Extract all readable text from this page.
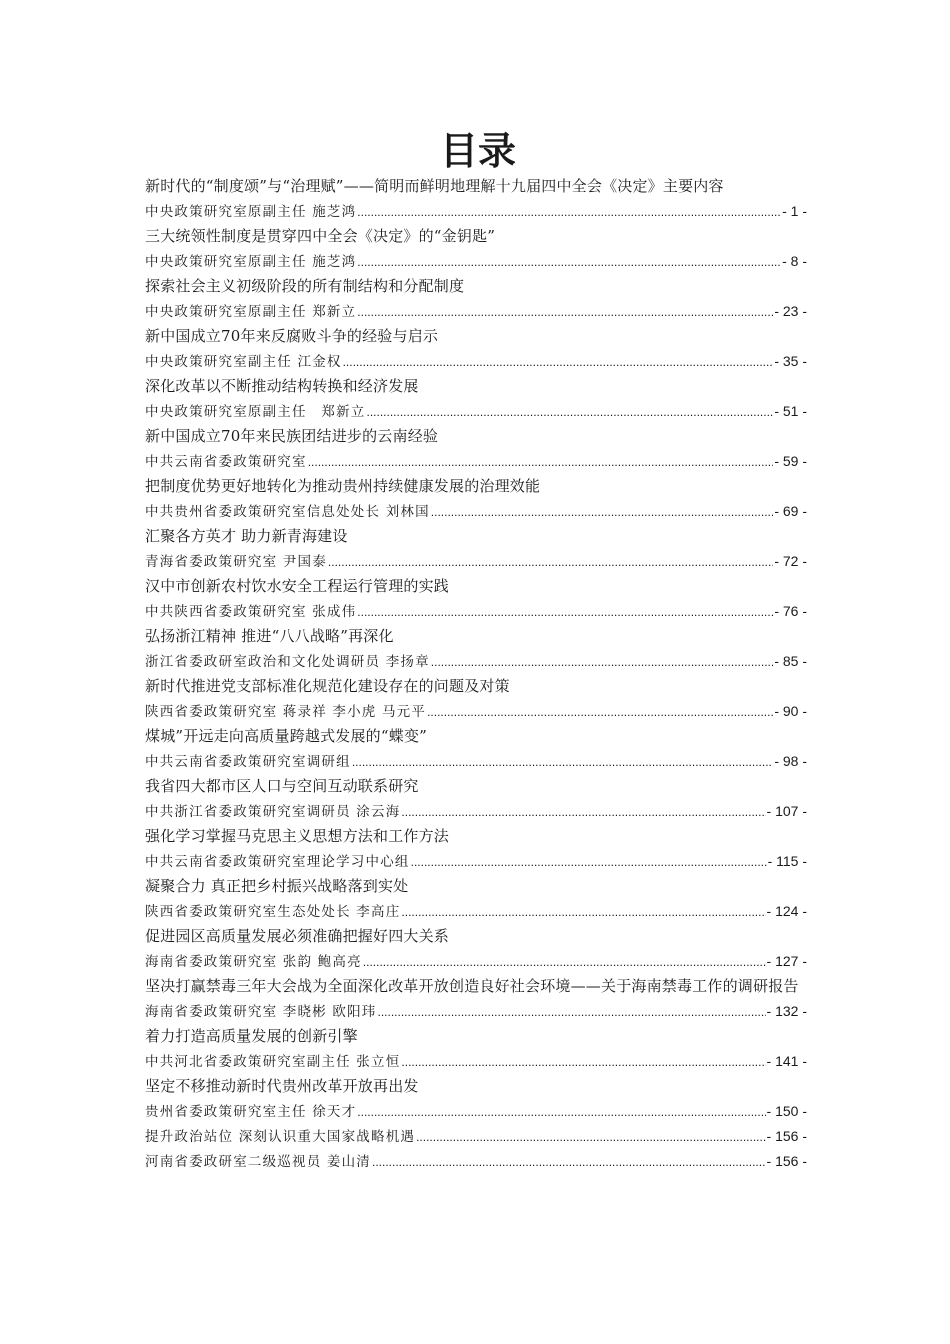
目录
新时代的“制度颂”与“治理赋”——简明而鲜明地理解十九届四中全会《决定》主要内容
中央政策研究室原副主任 施芝鸿 .....	- 1 -
三大统领性制度是贯穿四中全会《决定》的“金钥匙”
中央政策研究室原副主任 施芝鸿 .....	- 8 -
探索社会主义初级阶段的所有制结构和分配制度
中央政策研究室原副主任 郑新立 .....	- 23 -
新中国成立70年来反腐败斗争的经验与启示
中央政策研究室副主任 江金权 .....	- 35 -
深化改革以不断推动结构转换和经济发展
中央政策研究室原副主任　郑新立 .....	- 51 -
新中国成立70年来民族团结进步的云南经验
中共云南省委政策研究室 .....	- 59 -
把制度优势更好地转化为推动贵州持续健康发展的治理效能
中共贵州省委政策研究室信息处处长 刘林国 .....	- 69 -
汇聚各方英才 助力新青海建设
青海省委政策研究室 尹国泰 .....	- 72 -
汉中市创新农村饮水安全工程运行管理的实践
中共陕西省委政策研究室 张成伟 .....	- 76 -
弘扬浙江精神 推进“八八战略”再深化
浙江省委政研室政治和文化处调研员 李扬章 .....	- 85 -
新时代推进党支部标准化规范化建设存在的问题及对策
陕西省委政策研究室 蒋录祥 李小虎 马元平 .....	- 90 -
煤城”开远走向高质量跨越式发展的“蝶变”
中共云南省委政策研究室调研组 .....	- 98 -
我省四大都市区人口与空间互动联系研究
中共浙江省委政策研究室调研员 涂云海 .....	- 107 -
强化学习掌握马克思主义思想方法和工作方法
中共云南省委政策研究室理论学习中心组 .....	- 115 -
凝聚合力 真正把乡村振兴战略落到实处
陕西省委政策研究室生态处处长 李高庄 .....	- 124 -
促进园区高质量发展必须准确把握好四大关系
海南省委政策研究室 张韵 鲍高亮 .....	- 127 -
坚决打赢禁毒三年大会战为全面深化改革开放创造良好社会环境——关于海南禁毒工作的调研报告
海南省委政策研究室 李晓彬 欧阳玮 .....	- 132 -
着力打造高质量发展的创新引擎
中共河北省委政策研究室副主任 张立恒 .....	- 141 -
坚定不移推动新时代贵州改革开放再出发
贵州省委政策研究室主任 徐天才 .....	- 150 -
提升政治站位 深刻认识重大国家战略机遇 .....	- 156 -
河南省委政研室二级巡视员 姜山清 .....	- 156 -
